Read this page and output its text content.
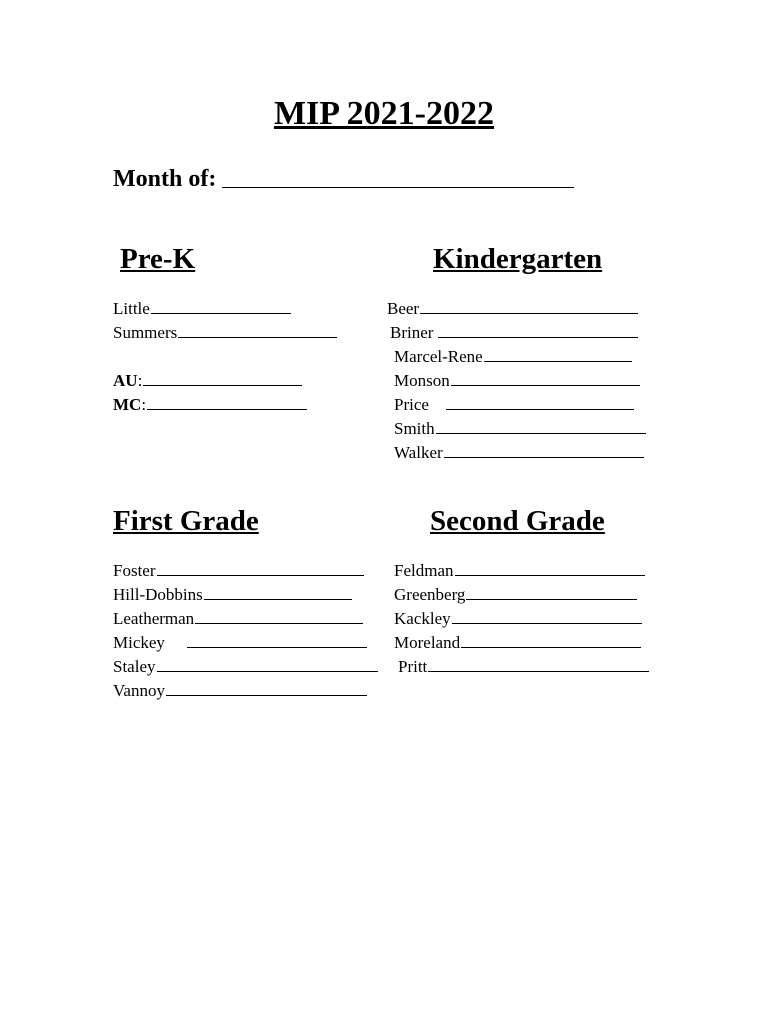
MIP 2021-2022
Month of:
Pre-K
Little
Summers
AU:
MC:
Kindergarten
Beer
Briner
Marcel-Rene
Monson
Price
Smith
Walker
First Grade
Foster
Hill-Dobbins
Leatherman
Mickey
Staley
Vannoy
Second Grade
Feldman
Greenberg
Kackley
Moreland
Pritt
